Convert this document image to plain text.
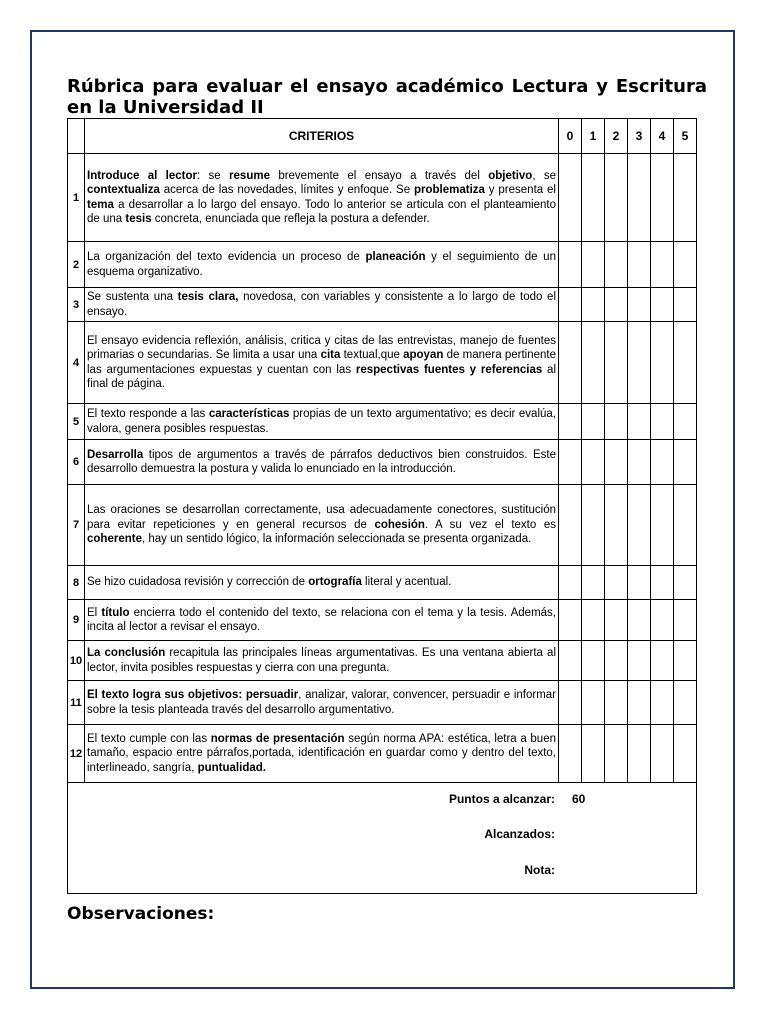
Rúbrica para evaluar el ensayo académico Lectura y Escritura en la Universidad II
	CRITERIOS	0	1	2	3	4	5
1	Introduce al lector: se resume brevemente el ensayo a través del objetivo, se contextualiza acerca de las novedades, límites y enfoque. Se problematiza y presenta el tema a desarrollar a lo largo del ensayo. Todo lo anterior se articula con el planteamiento de una tesis concreta, enunciada que refleja la postura a defender.						

2	La organización del texto evidencia un proceso de planeación y el seguimiento de un esquema organizativo.						

3	Se sustenta una tesis clara, novedosa, con variables y consistente a lo largo de todo el ensayo.						

4	El ensayo evidencia reflexión, análisis, critica y citas de las entrevistas, manejo de fuentes primarias o secundarias. Se limita a usar una cita textual,que apoyan de manera pertinente las argumentaciones expuestas y cuentan con las respectivas fuentes y referencias al final de página.						

5	El texto responde a las características propias de un texto argumentativo; es decir evalúa, valora, genera posibles respuestas.						

6	Desarrolla tipos de argumentos a través de párrafos deductivos bien construidos. Este desarrollo demuestra la postura y valida lo enunciado en la introducción.						

7	Las oraciones se desarrollan correctamente, usa adecuadamente conectores, sustitución para evitar repeticiones y en general recursos de cohesión. A su vez el texto es coherente, hay un sentido lógico, la información seleccionada se presenta organizada.						

8	Se hizo cuidadosa revisión y corrección de ortografía literal y acentual.						

9	El título encierra todo el contenido del texto, se relaciona con el tema y la tesis. Además, incita al lector a revisar el ensayo.						

10	La conclusión recapitula las principales líneas argumentativas. Es una ventana abierta al lector, invita posibles respuestas y cierra con una pregunta.						

11	El texto logra sus objetivos: persuadir, analizar, valorar, convencer, persuadir e informar sobre la tesis planteada través del desarrollo argumentativo.						

12	El texto cumple con las normas de presentación según norma APA: estética, letra a buen tamaño, espacio entre párrafos,portada, identificación en guardar como y dentro del texto, interlineado, sangría, puntualidad.						

Puntos a alcanzar: 60
Alcanzados:
Nota:							
Observaciones:
